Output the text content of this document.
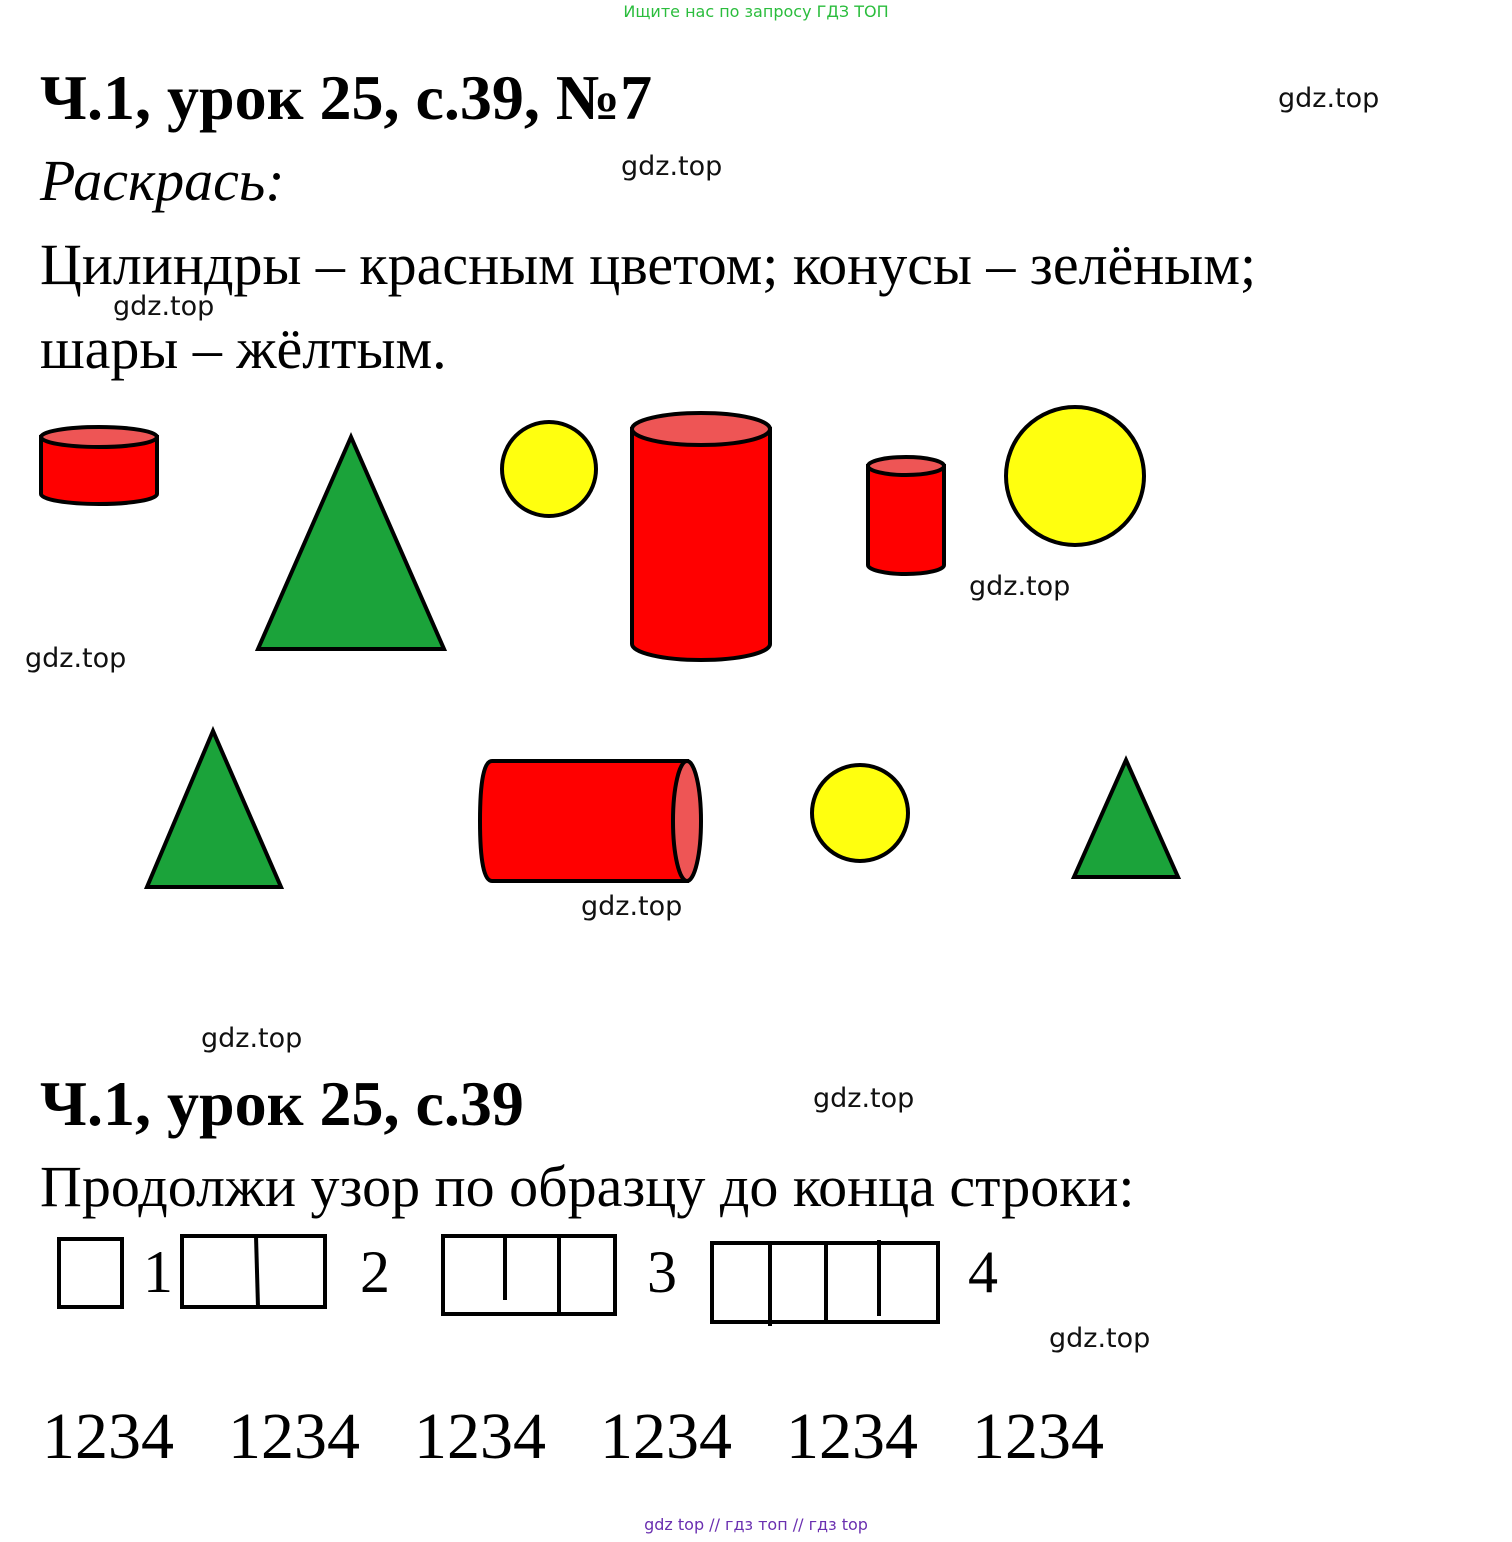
Ищите нас по запросу ГДЗ ТОП
Ч.1, урок 25, с.39, №7
Раскрась:
Цилиндры – красным цветом; конусы – зелёным;
шары – жёлтым.
gdz.top
gdz.top
gdz.top
gdz.top
gdz.top
gdz.top
gdz.top
gdz.top
gdz.top
Ч.1, урок 25, с.39
Продолжи узор по образцу до конца строки:
1	2	3	4
1234 1234 1234 1234 1234 1234
gdz top // гдз топ // гдз top
